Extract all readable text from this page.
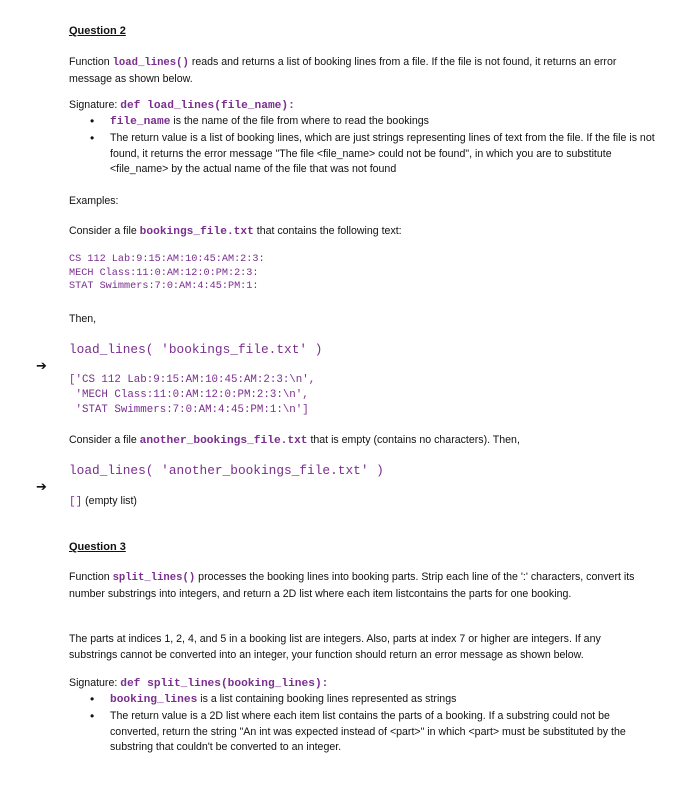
Question 2

Function load_lines() reads and returns a list of booking lines from a file. If the file is not found, it returns an error message as shown below.

Signature: def load_lines(file_name):
• file_name is the name of the file from where to read the bookings
• The return value is a list of booking lines, which are just strings representing lines of text from the file. If the file is not found, it returns the error message "The file <file_name> could not be found", in which you are to substitute <file_name> by the actual name of the file that was not found

Examples:
Consider a file bookings_file.txt that contains the following text:
CS 112 Lab:9:15:AM:10:45:AM:2:3:
MECH Class:11:0:AM:12:0:PM:2:3:
STAT Swimmers:7:0:AM:4:45:PM:1:
Then,
load_lines( 'bookings_file.txt' )
➔
['CS 112 Lab:9:15:AM:10:45:AM:2:3:\n',
'MECH Class:11:0:AM:12:0:PM:2:3:\n',
'STAT Swimmers:7:0:AM:4:45:PM:1:\n']
Consider a file another_bookings_file.txt that is empty (contains no characters). Then,
load_lines( 'another_bookings_file.txt' )
➔
[] (empty list)
Question 3

Function split_lines() processes the booking lines into booking parts. Strip each line of the ':' characters, convert its number substrings into integers, and return a 2D list where each item listcontains the parts for one booking.

The parts at indices 1, 2, 4, and 5 in a booking list are integers. Also, parts at index 7 or higher are integers. If any substrings cannot be converted into an integer, your function should return an error message as shown below.

Signature: def split_lines(booking_lines):
• booking_lines is a list containing booking lines represented as strings
• The return value is a 2D list where each item list contains the parts of a booking. If a substring could not be converted, return the string "An int was expected instead of <part>" in which <part> must be substituted by the substring that couldn't be converted to an integer.
